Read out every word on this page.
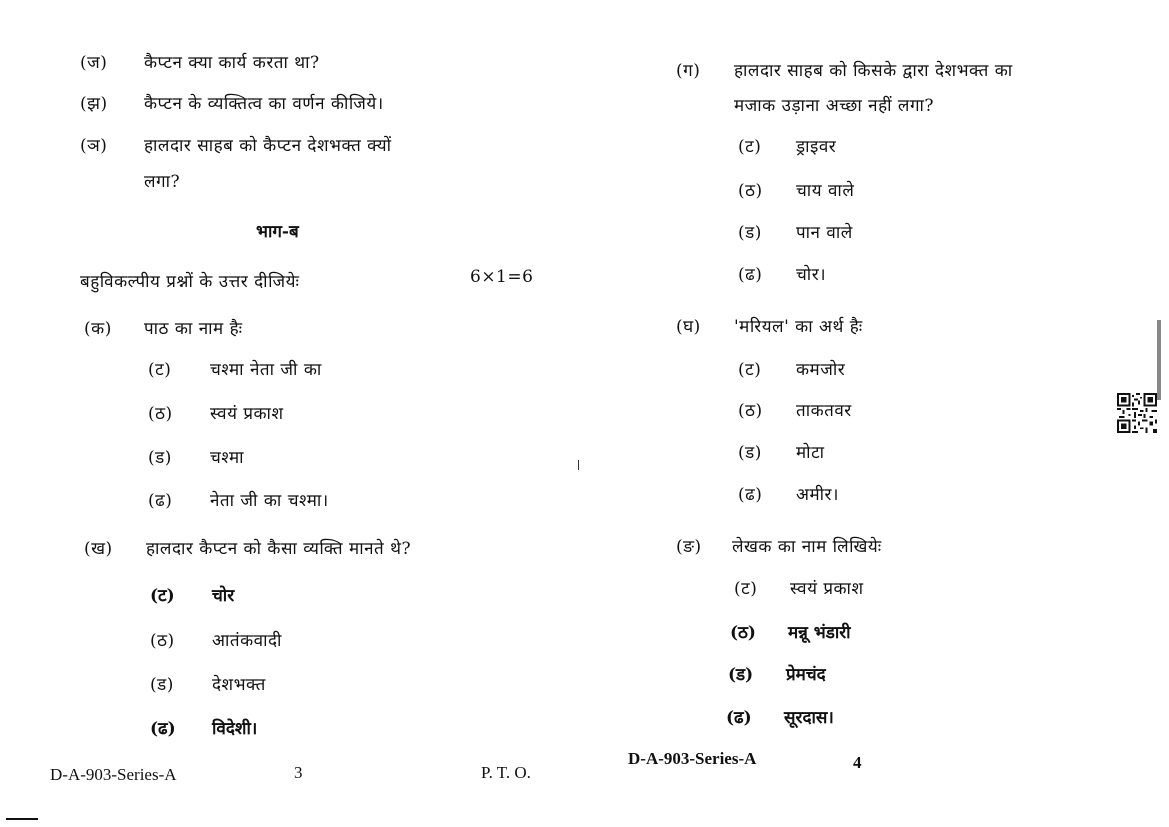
(ज) कैप्टन क्या कार्य करता था?
(झ) कैप्टन के व्यक्तित्व का वर्णन कीजिये।
(ञ) हालदार साहब को कैप्टन देशभक्त क्यों
लगा?
भाग-ब
बहुविकल्पीय प्रश्नों के उत्तर दीजियेः	6×1=6
(क) पाठ का नाम हैः
(ट) चश्मा नेता जी का
(ठ) स्वयं प्रकाश
(ड) चश्मा
(ढ) नेता जी का चश्मा।
(ख) हालदार कैप्टन को कैसा व्यक्ति मानते थे?
(ट) चोर
(ठ) आतंकवादी
(ड) देशभक्त
(ढ) विदेशी।
D-A-903-Series-A	3	P. T. O.
(ग) हालदार साहब को किसके द्वारा देशभक्त का
मजाक उड़ाना अच्छा नहीं लगा?
(ट) ड्राइवर
(ठ) चाय वाले
(ड) पान वाले
(ढ) चोर।
(घ) 'मरियल' का अर्थ हैः
(ट) कमजोर
(ठ) ताकतवर
(ड) मोटा
(ढ) अमीर।
(ङ) लेखक का नाम लिखियेः
(ट) स्वयं प्रकाश
(ठ) मन्नू भंडारी
(ड) प्रेमचंद
(ढ) सूरदास।
D-A-903-Series-A	4
